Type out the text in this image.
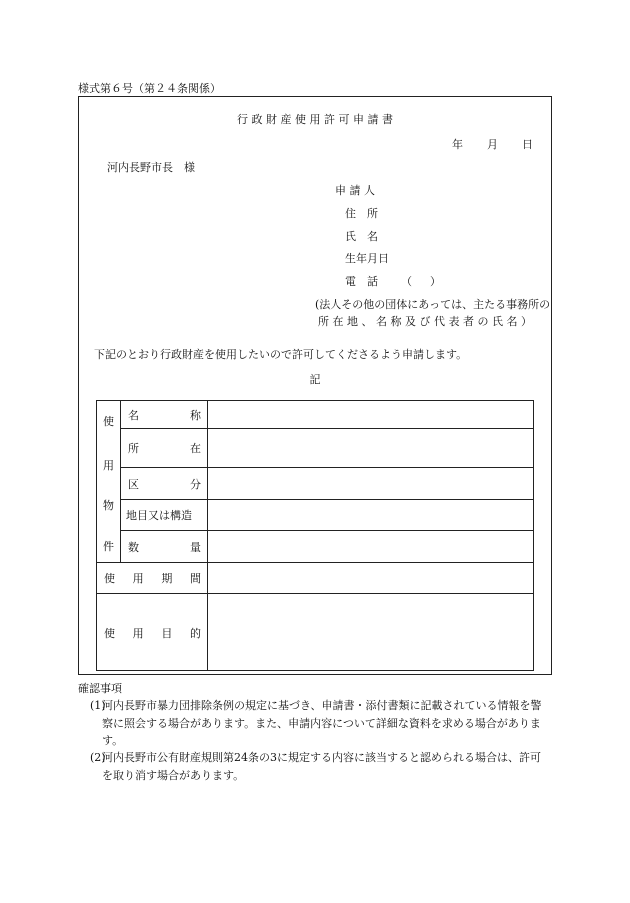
様式第６号（第２４条関係）
行 政 財 産 使 用 許 可 申 請 書
年 月 日
河内長野市長　様
申 請 人
住　所
氏　名
生年月日
電　話 （ ）
(法人その他の団体にあっては、主たる事務所の
所 在 地 、 名 称 及 び 代 表 者 の 氏 名 ）
下記のとおり行政財産を使用したいので許可してくださるよう申請します。
記
使
用
物
件
名	称
所	在
区	分
地目又は構造
数	量
使 用 期 間
使 用 目 的
確認事項
(1)
河内長野市暴力団排除条例の規定に基づき、申請書・添付書類に記載されている情報を警察に照会する場合があります。また、申請内容について詳細な資料を求める場合があります。
(2)
河内長野市公有財産規則第24条の3に規定する内容に該当すると認められる場合は、許可を取り消す場合があります。
